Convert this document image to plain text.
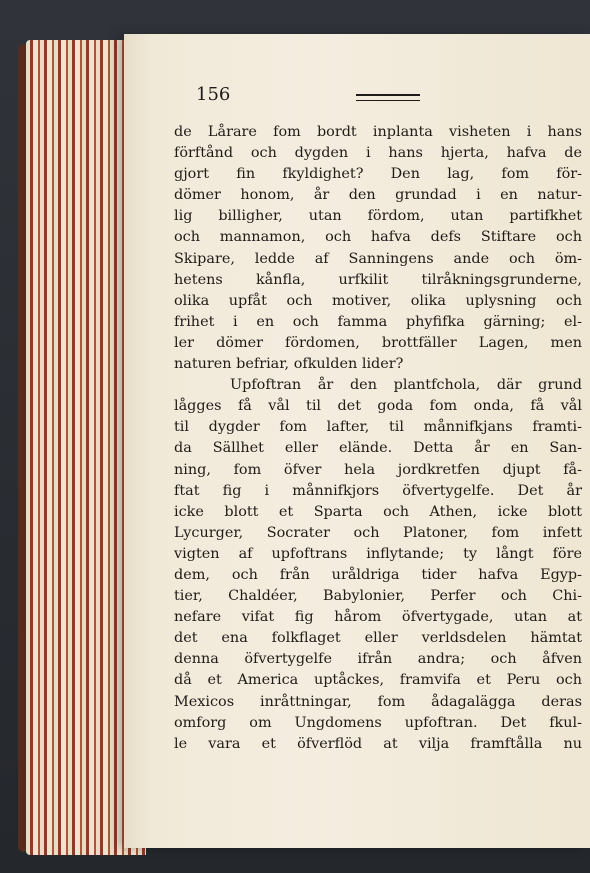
156
de Lårare fom bordt inplanta visheten i hans
förftånd och dygden i hans hjerta, hafva de
gjort fin fkyldighet? Den lag, fom för-
dömer honom, år den grundad i en natur-
lig billigher, utan fördom, utan partifkhet
och mannamon, och hafva defs Stiftare och
Skipare, ledde af Sanningens ande och öm-
hetens kånfla, urfkilit tilråkningsgrunderne,
olika upfåt och motiver, olika uplysning och
frihet i en och famma phyfifka gärning; el-
ler dömer fördomen, brottfäller Lagen, men
naturen befriar, ofkulden lider?
Upfoftran år den plantfchola, där grund
lågges få vål til det goda fom onda, få vål
til dygder fom lafter, til månnifkjans framti-
da Sällhet eller elände. Detta år en San-
ning, fom öfver hela jordkretfen djupt få-
ftat fig i månnifkjors öfvertygelfe. Det år
icke blott et Sparta och Athen, icke blott
Lycurger, Socrater och Platoner, fom infett
vigten af upfoftrans inflytande; ty långt före
dem, och från uråldriga tider hafva Egyp-
tier, Chaldéer, Babylonier, Perfer och Chi-
nefare vifat fig hårom öfvertygade, utan at
det ena folkflaget eller verldsdelen hämtat
denna öfvertygelfe ifrån andra; och åfven
då et America uptåckes, framvifa et Peru och
Mexicos inråttningar, fom ådagalägga deras
omforg om Ungdomens upfoftran. Det fkul-
le vara et öfverflöd at vilja framftålla nu
